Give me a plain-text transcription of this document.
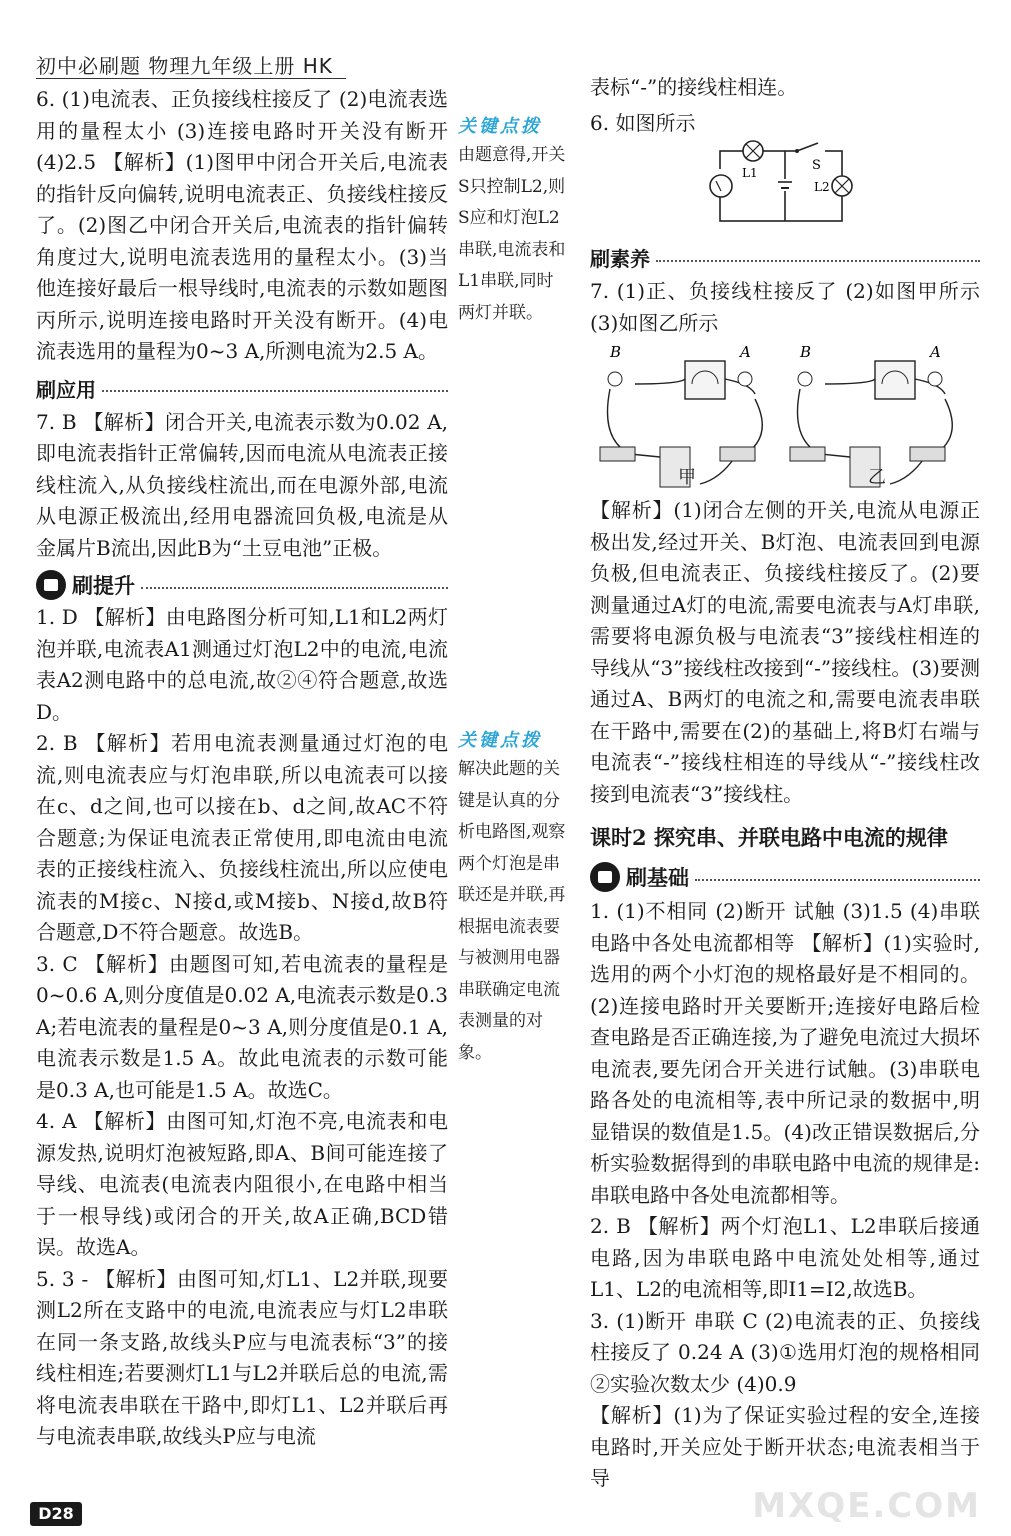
初中必刷题 物理九年级上册 HK

6. (1)电流表、正负接线柱接反了 (2)电流表选用的量程太小 (3)连接电路时开关没有断开 (4)2.5 【解析】(1)图甲中闭合开关后,电流表的指针反向偏转,说明电流表正、负接线柱接反了。(2)图乙中闭合开关后,电流表的指针偏转角度过大,说明电流表选用的量程太小。(3)当他连接好最后一根导线时,电流表的示数如题图丙所示,说明连接电路时开关没有断开。(4)电流表选用的量程为0~3 A,所测电流为2.5 A。

刷应用

7. B 【解析】闭合开关,电流表示数为0.02 A,即电流表指针正常偏转,因而电流从电流表正接线柱流入,从负接线柱流出,而在电源外部,电流从电源正极流出,经用电器流回负极,电流是从金属片B流出,因此B为“土豆电池”正极。

刷提升

1. D 【解析】由电路图分析可知,L1和L2两灯泡并联,电流表A1测通过灯泡L2中的电流,电流表A2测电路中的总电流,故②④符合题意,故选D。

2. B 【解析】若用电流表测量通过灯泡的电流,则电流表应与灯泡串联,所以电流表可以接在c、d之间,也可以接在b、d之间,故AC不符合题意;为保证电流表正常使用,即电流由电流表的正接线柱流入、负接线柱流出,所以应使电流表的M接c、N接d,或M接b、N接d,故B符合题意,D不符合题意。故选B。

3. C 【解析】由题图可知,若电流表的量程是0~0.6 A,则分度值是0.02 A,电流表示数是0.3 A;若电流表的量程是0~3 A,则分度值是0.1 A,电流表示数是1.5 A。故此电流表的示数可能是0.3 A,也可能是1.5 A。故选C。

4. A 【解析】由图可知,灯泡不亮,电流表和电源发热,说明灯泡被短路,即A、B间可能连接了导线、电流表(电流表内阻很小,在电路中相当于一根导线)或闭合的开关,故A正确,BCD错误。故选A。

5. 3 - 【解析】由图可知,灯L1、L2并联,现要测L2所在支路中的电流,电流表应与灯L2串联在同一条支路,故线头P应与电流表标“3”的接线柱相连;若要测灯L1与L2并联后总的电流,需将电流表串联在干路中,即灯L1、L2并联后再与电流表串联,故线头P应与电流

关键点拨
由题意得,开关S只控制L2,则S应和灯泡L2串联,电流表和L1串联,同时两灯并联。
关键点拨
解决此题的关键是认真的分析电路图,观察两个灯泡是串联还是并联,再根据电流表要与被测用电器串联确定电流表测量的对象。

表标“-”的接线柱相连。

6. 如图所示

L1	S
L2
刷素养

7. (1)正、负接线柱接反了 (2)如图甲所示 (3)如图乙所示

B	A	B	A
甲	乙

【解析】(1)闭合左侧的开关,电流从电源正极出发,经过开关、B灯泡、电流表回到电源负极,但电流表正、负接线柱接反了。(2)要测量通过A灯的电流,需要电流表与A灯串联,需要将电源负极与电流表“3”接线柱相连的导线从“3”接线柱改接到“-”接线柱。(3)要测通过A、B两灯的电流之和,需要电流表串联在干路中,需要在(2)的基础上,将B灯右端与电流表“-”接线柱相连的导线从“-”接线柱改接到电流表“3”接线柱。

课时2 探究串、并联电路中电流的规律
刷基础

1. (1)不相同 (2)断开 试触 (3)1.5 (4)串联电路中各处电流都相等 【解析】(1)实验时,选用的两个小灯泡的规格最好是不相同的。(2)连接电路时开关要断开;连接好电路后检查电路是否正确连接,为了避免电流过大损坏电流表,要先闭合开关进行试触。(3)串联电路各处的电流相等,表中所记录的数据中,明显错误的数值是1.5。(4)改正错误数据后,分析实验数据得到的串联电路中电流的规律是:串联电路中各处电流都相等。

2. B 【解析】两个灯泡L1、L2串联后接通电路,因为串联电路中电流处处相等,通过L1、L2的电流相等,即I1=I2,故选B。

3. (1)断开 串联 C (2)电流表的正、负接线柱接反了 0.24 A (3)①选用灯泡的规格相同 ②实验次数太少 (4)0.9

【解析】(1)为了保证实验过程的安全,连接电路时,开关应处于断开状态;电流表相当于导

D28	MXQE.COM
